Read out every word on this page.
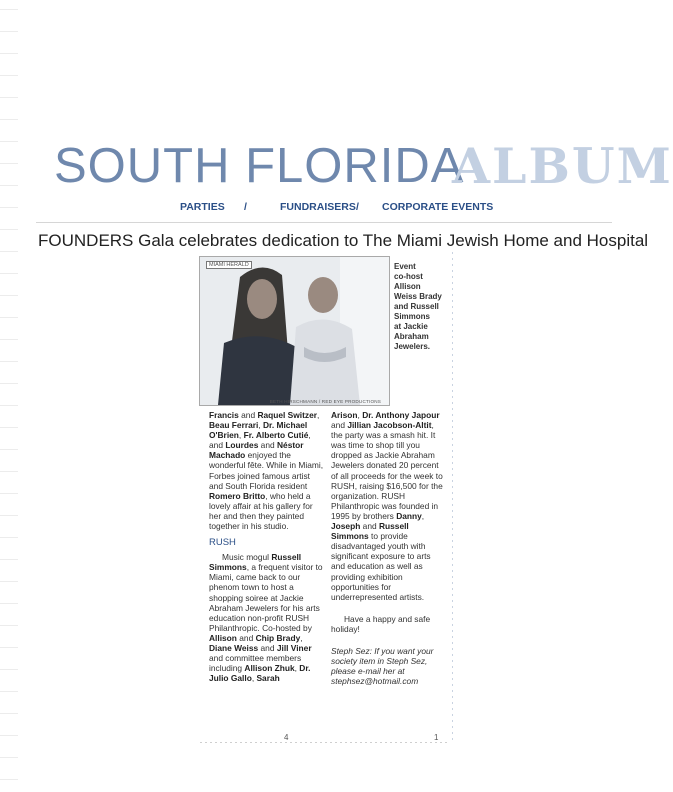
SOUTH FLORIDA
ALBUM
PARTIES /	FUNDRAISERS / CORPORATE EVENTS
FOUNDERS Gala celebrates dedication to The Miami Jewish Home and Hospital
MIAMI HERALD
BETH HIRSCHMANN / RED EYE PRODUCTIONS
Event
co-host
Allison
Weiss Brady
and Russell
Simmons
at Jackie
Abraham
Jewelers.

Francis and Raquel Switzer, Beau Ferrari, Dr. Michael O'Brien, Fr. Alberto Cutié, and Lourdes and Néstor Machado enjoyed the wonderful fête. While in Miami, Forbes joined famous artist and South Florida resident Romero Britto, who held a lovely affair at his gallery for her and then they painted together in his studio.

RUSH

Music mogul Russell Simmons, a frequent visitor to Miami, came back to our phenom town to host a shopping soiree at Jackie Abraham Jewelers for his arts education non-profit RUSH Philanthropic. Co-hosted by Allison and Chip Brady, Diane Weiss and Jill Viner and committee members including Allison Zhuk, Dr. Julio Gallo, Sarah

Arison, Dr. Anthony Japour and Jillian Jacobson-Altit, the party was a smash hit. It was time to shop till you dropped as Jackie Abraham Jewelers donated 20 percent of all proceeds for the week to RUSH, raising $16,500 for the organization. RUSH Philanthropic was founded in 1995 by brothers Danny, Joseph and Russell Simmons to provide disadvantaged youth with significant exposure to arts and education as well as providing exhibition opportunities for underrepresented artists.

Have a happy and safe holiday!

Steph Sez: If you want your society item in Steph Sez, please e-mail her at stephsez@hotmail.com

4	1
